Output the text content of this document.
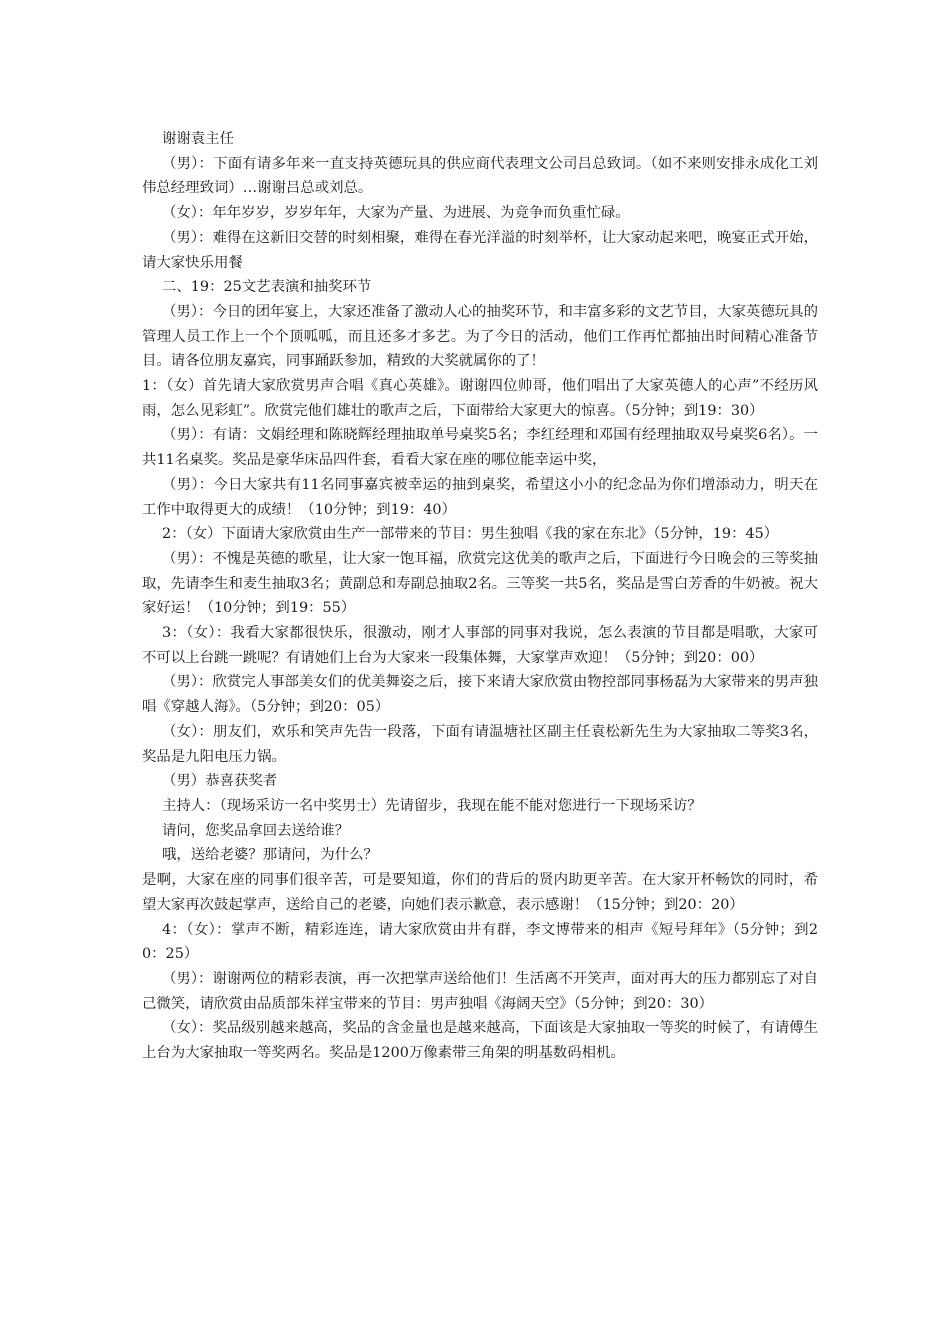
谢谢袁主任

（男）：下面有请多年来一直支持英德玩具的供应商代表理文公司吕总致词。（如不来则安排永成化工刘伟总经理致词）…谢谢吕总或刘总。

（女）：年年岁岁，岁岁年年，大家为产量、为进展、为竞争而负重忙碌。

（男）：难得在这新旧交替的时刻相聚，难得在春光洋溢的时刻举杯，让大家动起来吧，晚宴正式开始，请大家快乐用餐

二、19：25文艺表演和抽奖环节

（男）：今日的团年宴上，大家还准备了激动人心的抽奖环节，和丰富多彩的文艺节目，大家英德玩具的管理人员工作上一个个顶呱呱，而且还多才多艺。为了今日的活动，他们工作再忙都抽出时间精心准备节目。请各位朋友嘉宾，同事踊跃参加，精致的大奖就属你的了！

1：（女）首先请大家欣赏男声合唱《真心英雄》。谢谢四位帅哥，他们唱出了大家英德人的心声”不经历风雨，怎么见彩虹”。欣赏完他们雄壮的歌声之后，下面带给大家更大的惊喜。（5分钟；到19：30）

（男）：有请：文娟经理和陈晓辉经理抽取单号桌奖5名；李红经理和邓国有经理抽取双号桌奖6名）。一共11名桌奖。奖品是豪华床品四件套，看看大家在座的哪位能幸运中奖，

（男）：今日大家共有11名同事嘉宾被幸运的抽到桌奖，希望这小小的纪念品为你们增添动力，明天在工作中取得更大的成绩！（10分钟；到19：40）

2：（女）下面请大家欣赏由生产一部带来的节目：男生独唱《我的家在东北》（5分钟，19：45）

（男）：不愧是英德的歌星，让大家一饱耳福，欣赏完这优美的歌声之后，下面进行今日晚会的三等奖抽取，先请李生和麦生抽取3名；黄副总和寿副总抽取2名。三等奖一共5名，奖品是雪白芳香的牛奶被。祝大家好运！（10分钟；到19：55）

3：（女）：我看大家都很快乐，很激动，刚才人事部的同事对我说，怎么表演的节目都是唱歌，大家可不可以上台跳一跳呢？有请她们上台为大家来一段集体舞，大家掌声欢迎！（5分钟；到20：00）

（男）：欣赏完人事部美女们的优美舞姿之后，接下来请大家欣赏由物控部同事杨磊为大家带来的男声独唱《穿越人海》。（5分钟；到20：05）

（女）：朋友们，欢乐和笑声先告一段落，下面有请温塘社区副主任袁松新先生为大家抽取二等奖3名，奖品是九阳电压力锅。

（男）恭喜获奖者

主持人：（现场采访一名中奖男士）先请留步，我现在能不能对您进行一下现场采访？

请问，您奖品拿回去送给谁？

哦，送给老婆？那请问，为什么？

是啊，大家在座的同事们很辛苦，可是要知道，你们的背后的贤内助更辛苦。在大家开杯畅饮的同时，希望大家再次鼓起掌声，送给自己的老婆，向她们表示歉意，表示感谢！（15分钟；到20：20）

4：（女）：掌声不断，精彩连连，请大家欣赏由井有群，李文博带来的相声《短号拜年》（5分钟；到20：25）

（男）：谢谢两位的精彩表演，再一次把掌声送给他们！生活离不开笑声，面对再大的压力都别忘了对自己微笑，请欣赏由品质部朱祥宝带来的节目：男声独唱《海阔天空》（5分钟；到20：30）

（女）：奖品级别越来越高，奖品的含金量也是越来越高，下面该是大家抽取一等奖的时候了，有请傅生上台为大家抽取一等奖两名。奖品是1200万像素带三角架的明基数码相机。
